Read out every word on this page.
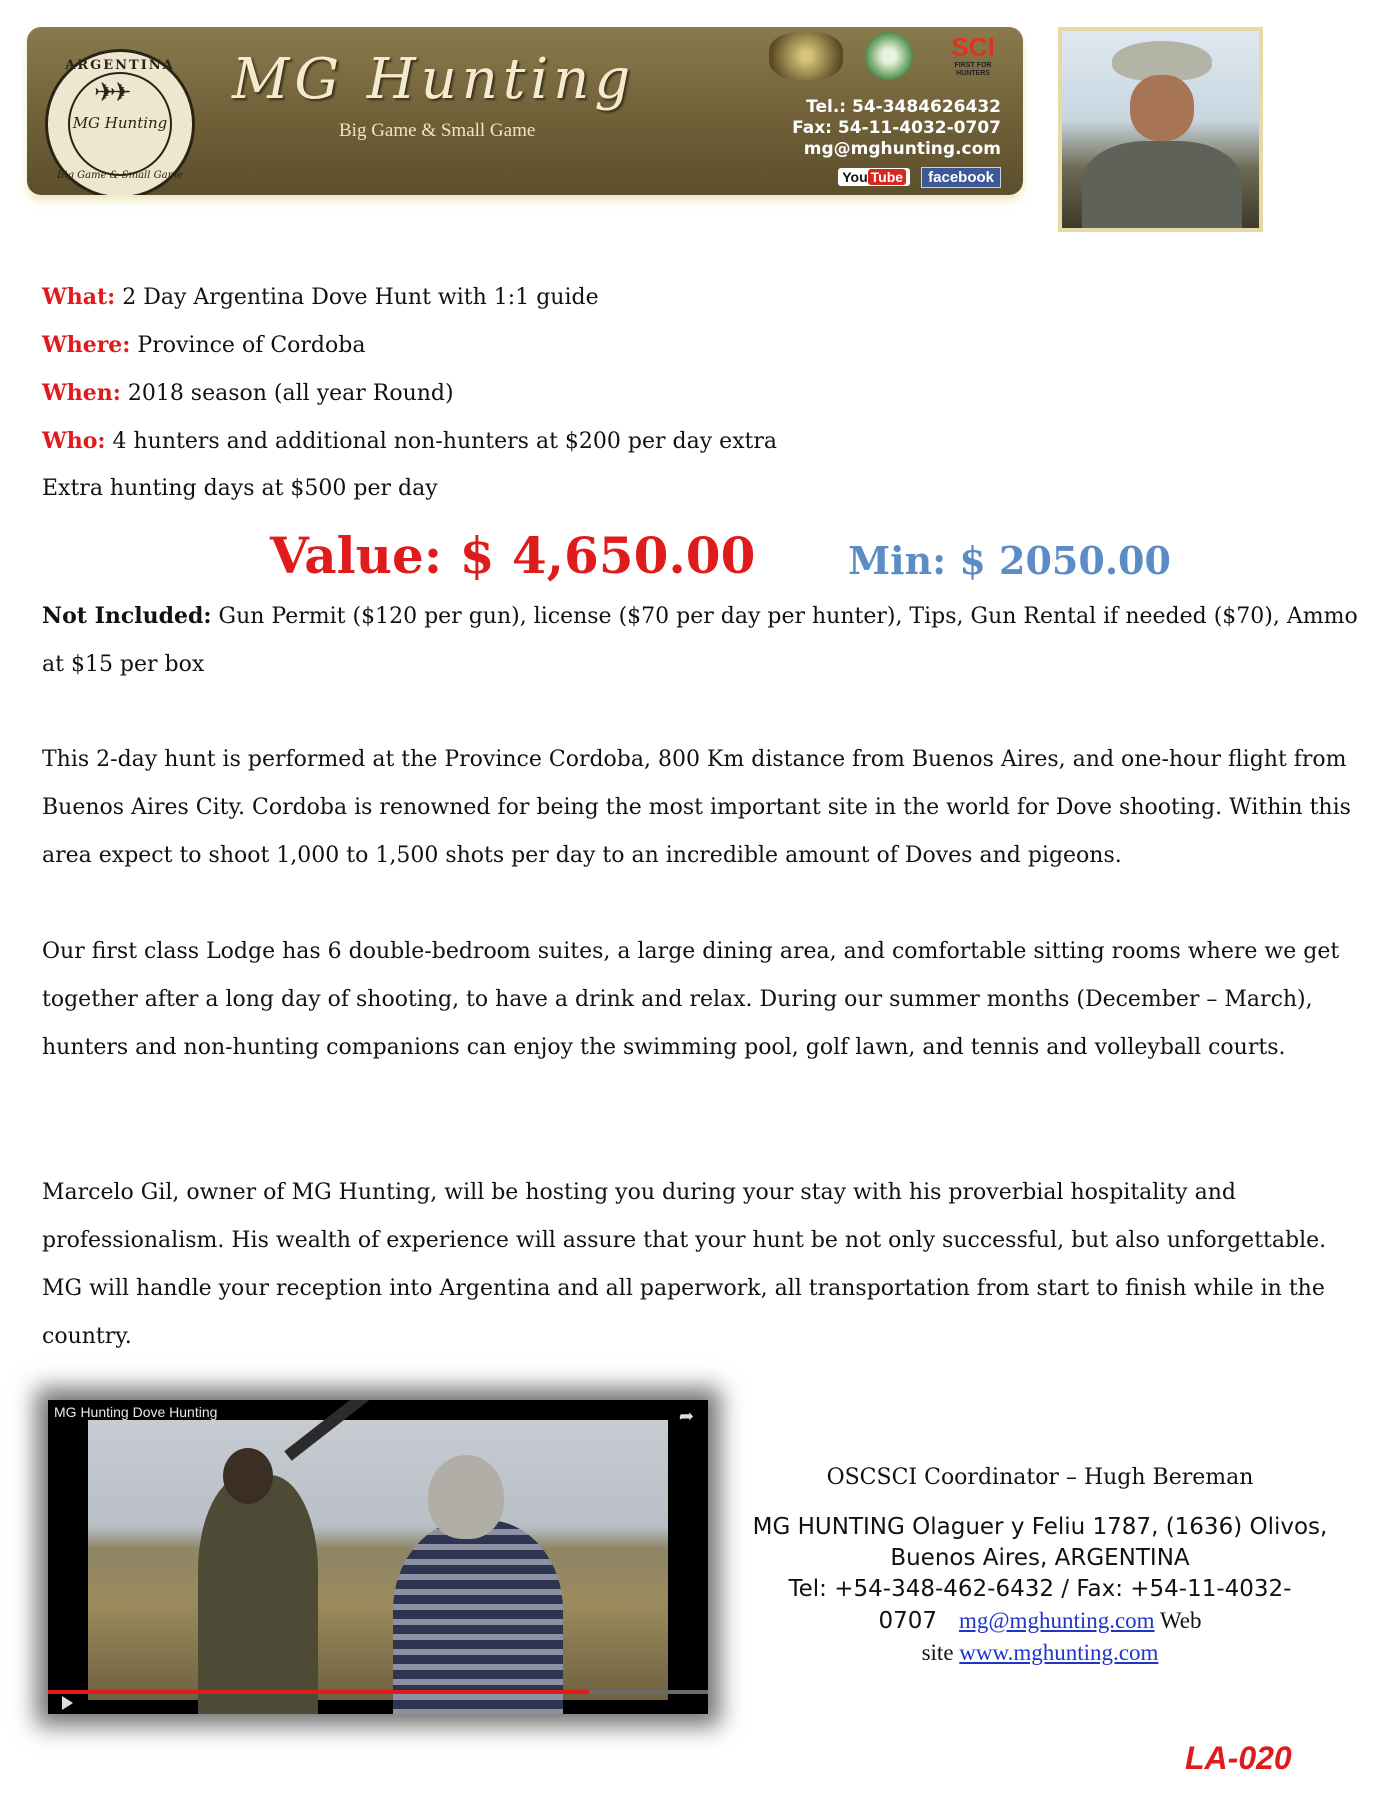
ARGENTINA
✈✈
MG Hunting
Big Game & Small Game
MG Hunting
Big Game & Small Game
SCI
FIRST FOR HUNTERS
Tel.: 54-3484626432
Fax: 54-11-4032-0707
mg@mghunting.com
You Tube facebook
What: 2 Day Argentina Dove Hunt with 1:1 guide
Where: Province of Cordoba
When: 2018 season (all year Round)
Who: 4 hunters and additional non-hunters at $200 per day extra
Extra hunting days at $500 per day
Value: $ 4,650.00 Min: $ 2050.00
Not Included: Gun Permit ($120 per gun), license ($70 per day per hunter), Tips, Gun Rental if needed ($70), Ammo at $15 per box
This 2-day hunt is performed at the Province Cordoba, 800 Km distance from Buenos Aires, and one-hour flight from Buenos Aires City. Cordoba is renowned for being the most important site in the world for Dove shooting. Within this area expect to shoot 1,000 to 1,500 shots per day to an incredible amount of Doves and pigeons.
Our first class Lodge has 6 double-bedroom suites, a large dining area, and comfortable sitting rooms where we get together after a long day of shooting, to have a drink and relax. During our summer months (December – March), hunters and non-hunting companions can enjoy the swimming pool, golf lawn, and tennis and volleyball courts.
Marcelo Gil, owner of MG Hunting, will be hosting you during your stay with his proverbial hospitality and professionalism. His wealth of experience will assure that your hunt be not only successful, but also unforgettable. MG will handle your reception into Argentina and all paperwork, all transportation from start to finish while in the country.
MG Hunting Dove Hunting	➦
OSCSCI Coordinator – Hugh Bereman
MG HUNTING Olaguer y Feliu 1787, (1636) Olivos,
Buenos Aires, ARGENTINA
Tel: +54-348-462-6432 / Fax: +54-11-4032-
0707 mg@mghunting.com Web
site www.mghunting.com
LA-020
